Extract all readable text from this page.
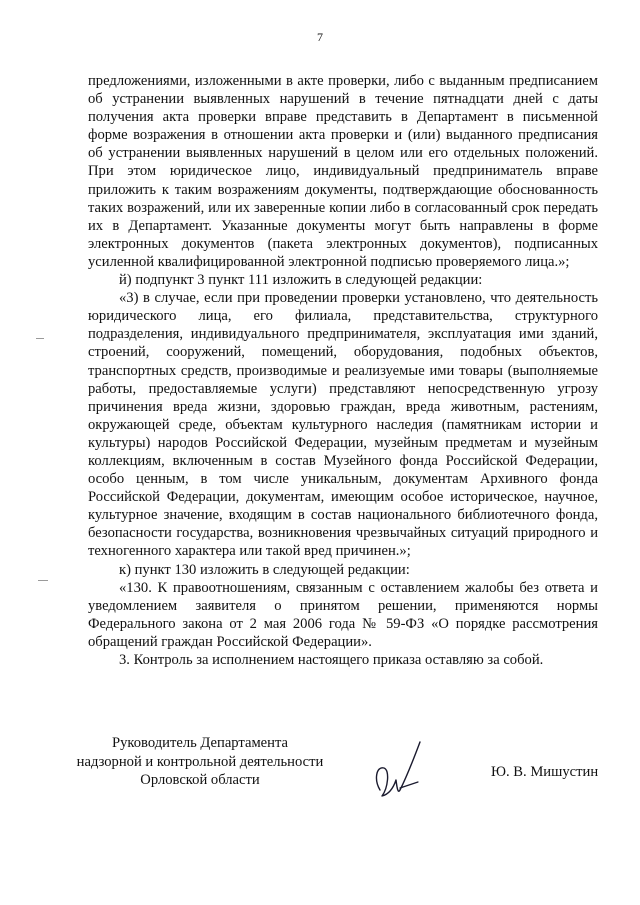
7

предложениями, изложенными в акте проверки, либо с выданным предписанием об устранении выявленных нарушений в течение пятнадцати дней с даты получения акта проверки вправе представить в Департамент в письменной форме возражения в отношении акта проверки и (или) выданного предписания об устранении выявленных нарушений в целом или его отдельных положений. При этом юридическое лицо, индивидуальный предприниматель вправе приложить к таким возражениям документы, подтверждающие обоснованность таких возражений, или их заверенные копии либо в согласованный срок передать их в Департамент. Указанные документы могут быть направлены в форме электронных документов (пакета электронных документов), подписанных усиленной квалифицированной электронной подписью проверяемого лица.»;

й) подпункт 3 пункт 111 изложить в следующей редакции:

«3) в случае, если при проведении проверки установлено, что деятельность юридического лица, его филиала, представительства, структурного подразделения, индивидуального предпринимателя, эксплуатация ими зданий, строений, сооружений, помещений, оборудования, подобных объектов, транспортных средств, производимые и реализуемые ими товары (выполняемые работы, предоставляемые услуги) представляют непосредственную угрозу причинения вреда жизни, здоровью граждан, вреда животным, растениям, окружающей среде, объектам культурного наследия (памятникам истории и культуры) народов Российской Федерации, музейным предметам и музейным коллекциям, включенным в состав Музейного фонда Российской Федерации, особо ценным, в том числе уникальным, документам Архивного фонда Российской Федерации, документам, имеющим особое историческое, научное, культурное значение, входящим в состав национального библиотечного фонда, безопасности государства, возникновения чрезвычайных ситуаций природного и техногенного характера или такой вред причинен.»;

к) пункт 130 изложить в следующей редакции:

«130. К правоотношениям, связанным с оставлением жалобы без ответа и уведомлением заявителя о принятом решении, применяются нормы Федерального закона от 2 мая 2006 года № 59-ФЗ «О порядке рассмотрения обращений граждан Российской Федерации».

3. Контроль за исполнением настоящего приказа оставляю за собой.

Руководитель Департамента
надзорной и контрольной деятельности
Орловской области	Ю. В. Мишустин
